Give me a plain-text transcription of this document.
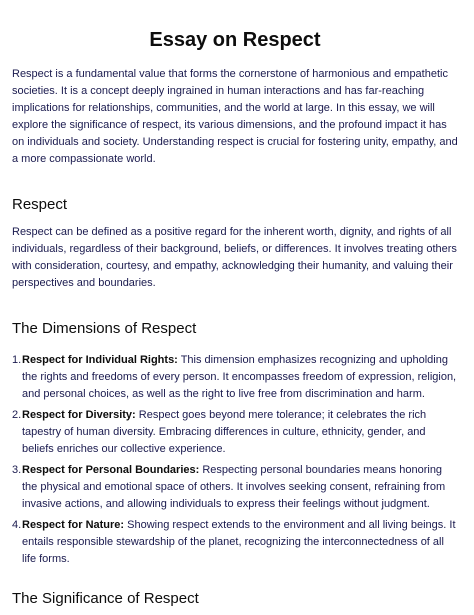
Essay on Respect

Respect is a fundamental value that forms the cornerstone of harmonious and empathetic societies. It is a concept deeply ingrained in human interactions and has far-reaching implications for relationships, communities, and the world at large. In this essay, we will explore the significance of respect, its various dimensions, and the profound impact it has on individuals and society. Understanding respect is crucial for fostering unity, empathy, and a more compassionate world.

Respect

Respect can be defined as a positive regard for the inherent worth, dignity, and rights of all individuals, regardless of their background, beliefs, or differences. It involves treating others with consideration, courtesy, and empathy, acknowledging their humanity, and valuing their perspectives and boundaries.

The Dimensions of Respect
1. Respect for Individual Rights: This dimension emphasizes recognizing and upholding the rights and freedoms of every person. It encompasses freedom of expression, religion, and personal choices, as well as the right to live free from discrimination and harm.
2. Respect for Diversity: Respect goes beyond mere tolerance; it celebrates the rich tapestry of human diversity. Embracing differences in culture, ethnicity, gender, and beliefs enriches our collective experience.
3. Respect for Personal Boundaries: Respecting personal boundaries means honoring the physical and emotional space of others. It involves seeking consent, refraining from invasive actions, and allowing individuals to express their feelings without judgment.
4. Respect for Nature: Showing respect extends to the environment and all living beings. It entails responsible stewardship of the planet, recognizing the interconnectedness of all life forms.
The Significance of Respect
